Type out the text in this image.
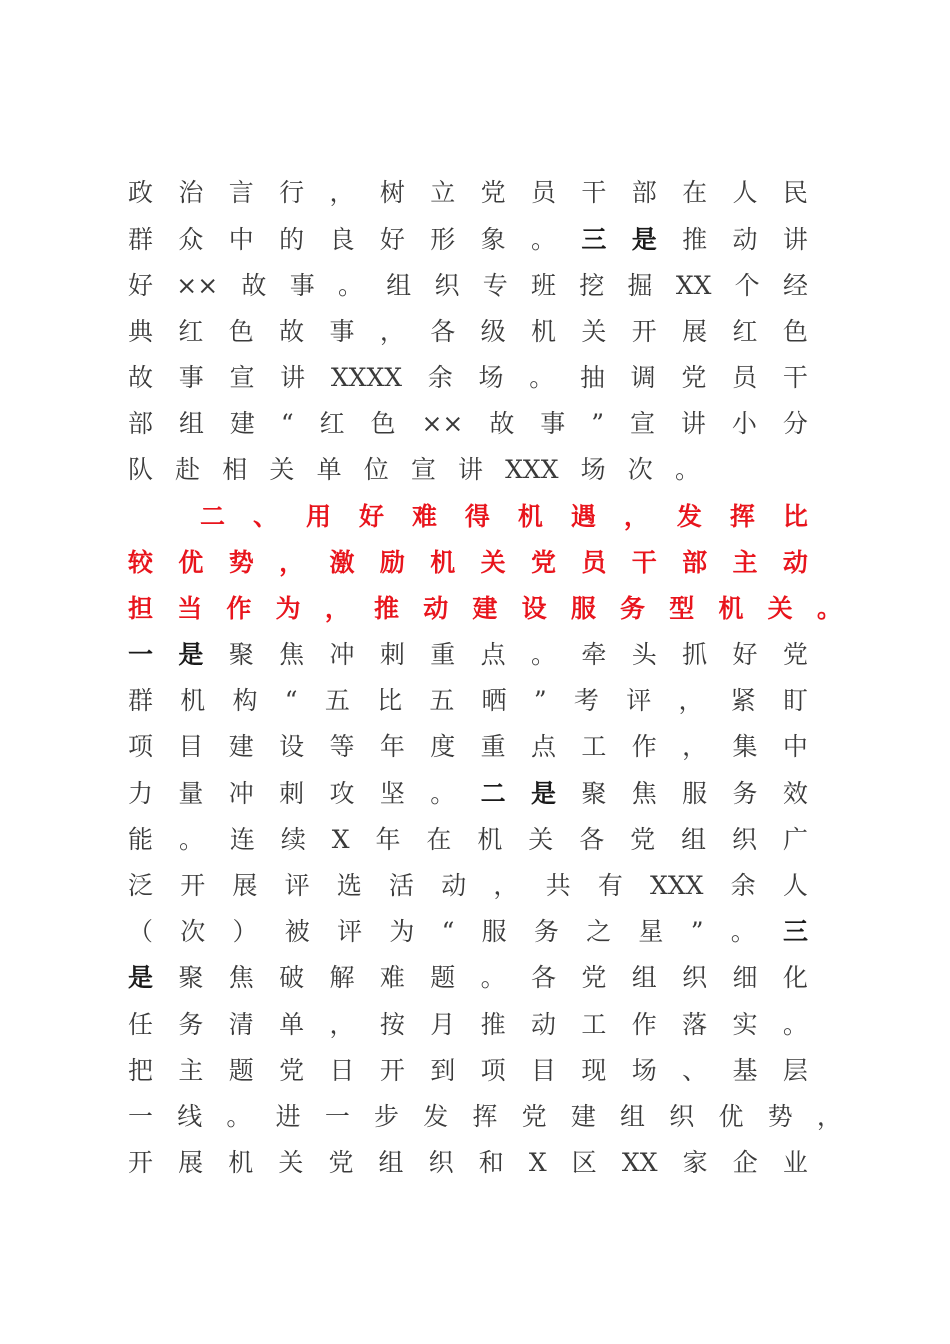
政 治 言 行 ， 树 立 党 员 干 部 在 人 民
群 众 中 的 良 好 形 象 。 三 是 推 动 讲
好 ×× 故 事 。 组 织 专 班 挖 掘 XX 个 经
典 红 色 故 事 ， 各 级 机 关 开 展 红 色
故 事 宣 讲 XXXX 余 场 。 抽 调 党 员 干
部 组 建 “ 红 色 ×× 故 事 ” 宣 讲 小 分
队 赴 相 关 单 位 宣 讲 XXX 场 次 。
二 、 用 好 难 得 机 遇 ， 发 挥 比
较 优 势 ， 激 励 机 关 党 员 干 部 主 动
担 当 作 为 ， 推 动 建 设 服 务 型 机 关 。
一 是 聚 焦 冲 刺 重 点 。 牵 头 抓 好 党
群 机 构 “ 五 比 五 晒 ” 考 评 ， 紧 盯
项 目 建 设 等 年 度 重 点 工 作 ， 集 中
力 量 冲 刺 攻 坚 。 二 是 聚 焦 服 务 效
能 。 连 续 X 年 在 机 关 各 党 组 织 广
泛 开 展 评 选 活 动 ， 共 有 XXX 余 人
（ 次 ） 被 评 为 “ 服 务 之 星 ” 。 三
是 聚 焦 破 解 难 题 。 各 党 组 织 细 化
任 务 清 单 ， 按 月 推 动 工 作 落 实 。
把 主 题 党 日 开 到 项 目 现 场 、 基 层
一 线 。 进 一 步 发 挥 党 建 组 织 优 势 ，
开 展 机 关 党 组 织 和 X 区 XX 家 企 业
